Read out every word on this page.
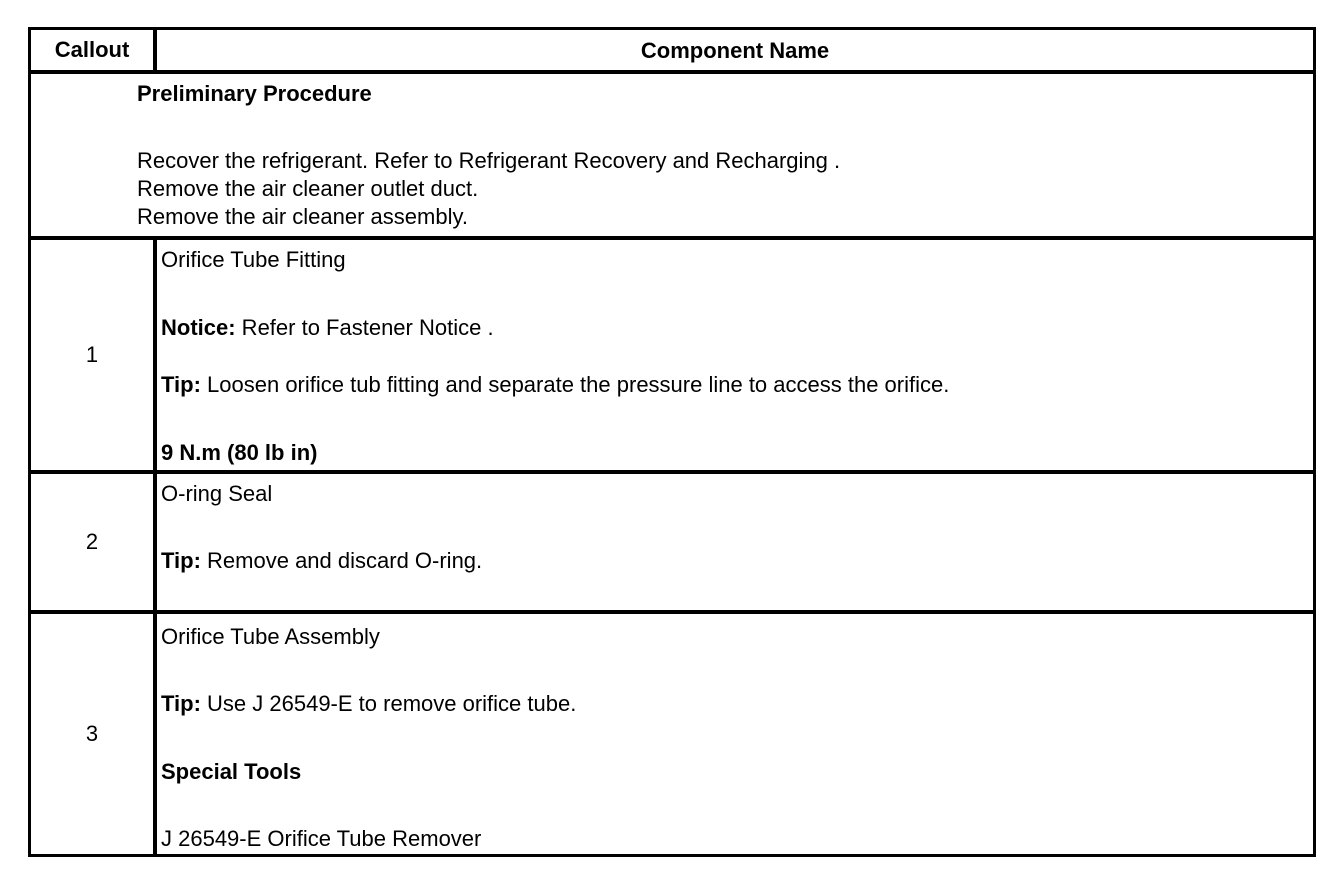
Callout	Component Name
Preliminary Procedure
Recover the refrigerant. Refer to Refrigerant Recovery and Recharging .
Remove the air cleaner outlet duct.
Remove the air cleaner assembly.
1
Orifice Tube Fitting
Notice: Refer to Fastener Notice .
Tip: Loosen orifice tub fitting and separate the pressure line to access the orifice.
9 N.m (80 lb in)
2
O-ring Seal
Tip: Remove and discard O-ring.
3
Orifice Tube Assembly
Tip: Use J 26549-E to remove orifice tube.
Special Tools
J 26549-E Orifice Tube Remover
